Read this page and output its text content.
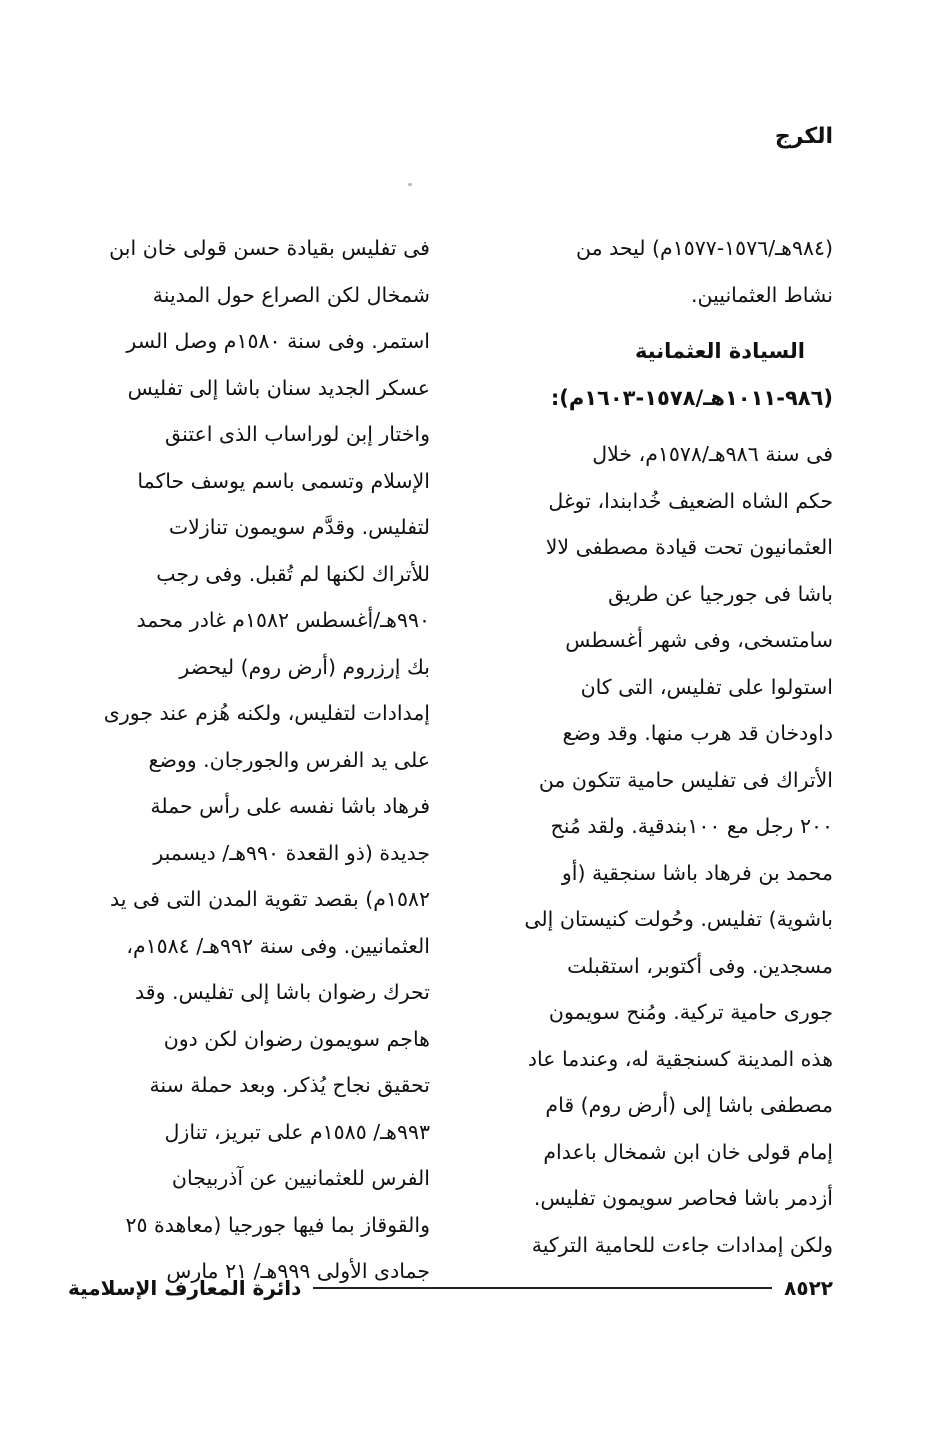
الكرج
(٩٨٤هـ/١٥٧٦-١٥٧٧م) ليحد من
نشاط العثمانيين.
السيادة العثمانية
(٩٨٦-١٠١١هـ/١٥٧٨-١٦٠٣م):
فى سنة ٩٨٦هـ/١٥٧٨م، خلال
حكم الشاه الضعيف خُدابندا، توغل
العثمانيون تحت قيادة مصطفى لالا
باشا فى جورجيا عن طريق
سامتسخى، وفى شهر أغسطس
استولوا على تفليس، التى كان
داودخان قد هرب منها. وقد وضع
الأتراك فى تفليس حامية تتكون من
٢٠٠ رجل مع ١٠٠بندقية. ولقد مُنح
محمد بن فرهاد باشا سنجقية (أو
باشوية) تفليس. وحُولت كنيستان إلى
مسجدين. وفى أكتوبر، استقبلت
جورى حامية تركية. ومُنح سويمون
هذه المدينة كسنجقية له، وعندما عاد
مصطفى باشا إلى (أرض روم) قام
إمام قولى خان ابن شمخال باعدام
أزدمر باشا فحاصر سويمون تفليس.
ولكن إمدادات جاءت للحامية التركية
فى تفليس بقيادة حسن قولى خان ابن
شمخال لكن الصراع حول المدينة
استمر. وفى سنة ١٥٨٠م وصل السر
عسكر الجديد سنان باشا إلى تفليس
واختار إبن لوراساب الذى اعتنق
الإسلام وتسمى باسم يوسف حاكما
لتفليس. وقدَّم سويمون تنازلات
للأتراك لكنها لم تُقبل. وفى رجب
٩٩٠هـ/أغسطس ١٥٨٢م غادر محمد
بك إرزروم (أرض روم) ليحضر
إمدادات لتفليس، ولكنه هُزم عند جورى
على يد الفرس والجورجان. ووضع
فرهاد باشا نفسه على رأس حملة
جديدة (ذو القعدة ٩٩٠هـ/ ديسمبر
١٥٨٢م) بقصد تقوية المدن التى فى يد
العثمانيين. وفى سنة ٩٩٢هـ/ ١٥٨٤م،
تحرك رضوان باشا إلى تفليس. وقد
هاجم سويمون رضوان لكن دون
تحقيق نجاح يُذكر. وبعد حملة سنة
٩٩٣هـ/ ١٥٨٥م على تبريز، تنازل
الفرس للعثمانيين عن آذربيجان
والقوقاز بما فيها جورجيا (معاهدة ٢٥
جمادى الأولى ٩٩٩هـ/ ٢١ مارس
٨٥٢٢
دائرة المعارف الإسلامية
